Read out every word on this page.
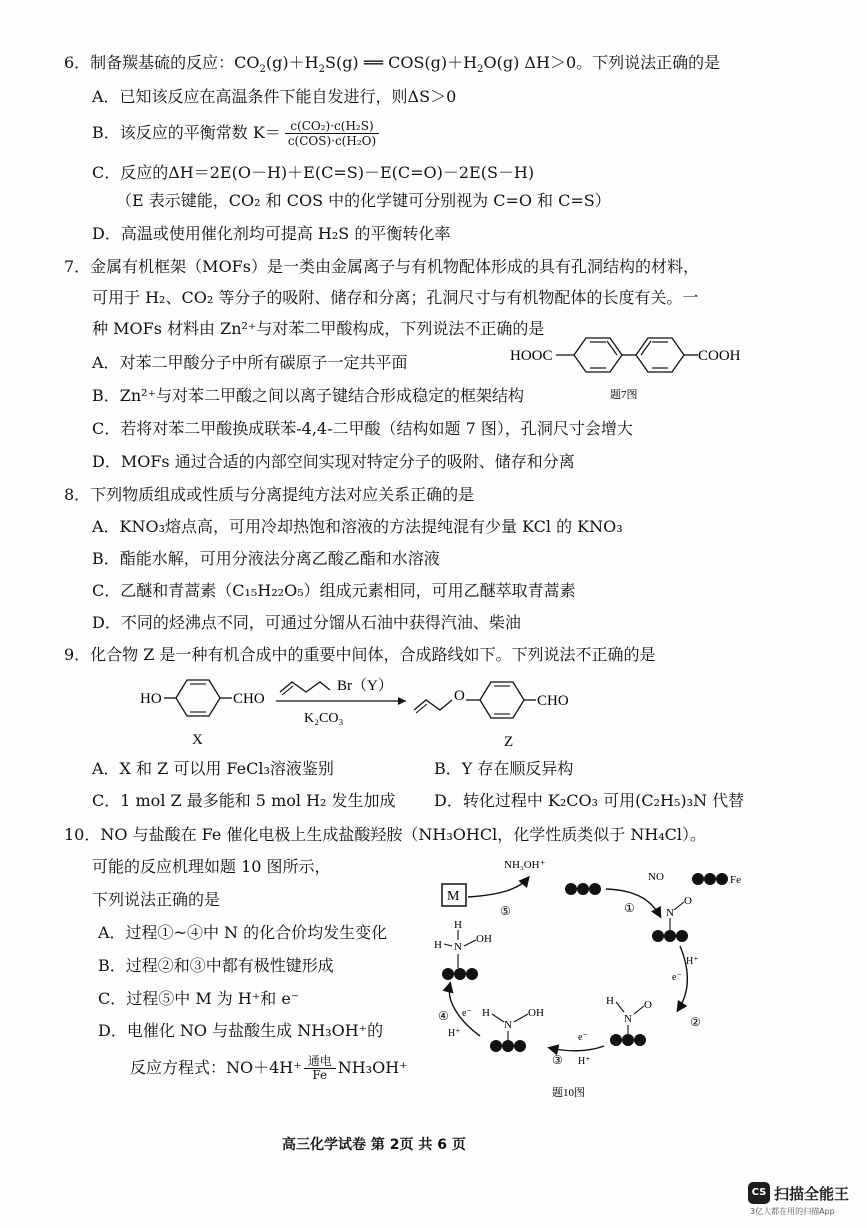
6．制备羰基硫的反应：$CO_2(g)+H_2S(g)$ ══ $COS(g)+H_2O(g)$ ΔH＞0。下列说法正确的是
A．已知该反应在高温条件下能自发进行，则ΔS＞0
B．该反应的平衡常数 $K= \frac{\text{c(CO₂)·c(H₂S)}}{\text{c(COS)·c(H₂O)}}$
C．反应的ΔH＝2E(O－H)＋E(C=S)－E(C=O)－2E(S－H)
（E 表示键能，CO₂ 和 COS 中的化学键可分别视为 C=O 和 C=S）
D．高温或使用催化剂均可提高 H₂S 的平衡转化率
7．金属有机框架（MOFs）是一类由金属离子与有机物配体形成的具有孔洞结构的材料，
可用于 H₂、CO₂ 等分子的吸附、储存和分离；孔洞尺寸与有机物配体的长度有关。一
种 MOFs 材料由 Zn²⁺与对苯二甲酸构成，下列说法不正确的是
A．对苯二甲酸分子中所有碳原子一定共平面
B．Zn²⁺与对苯二甲酸之间以离子键结合形成稳定的框架结构
C．若将对苯二甲酸换成联苯-4,4-二甲酸（结构如题 7 图），孔洞尺寸会增大
D．MOFs 通过合适的内部空间实现对特定分子的吸附、储存和分离
HOOC	COOH
题7图
8．下列物质组成或性质与分离提纯方法对应关系正确的是
A．KNO₃熔点高，可用冷却热饱和溶液的方法提纯混有少量 KCl 的 KNO₃
B．酯能水解，可用分液法分离乙酸乙酯和水溶液
C．乙醚和青蒿素（C₁₅H₂₂O₅）组成元素相同，可用乙醚萃取青蒿素
D．不同的烃沸点不同，可通过分馏从石油中获得汽油、柴油
9．化合物 Z 是一种有机合成中的重要中间体，合成路线如下。下列说法不正确的是
HO	CHO
X
Br（Y）
K₂CO₃
O	CHO
Z
A．X 和 Z 可以用 FeCl₃溶液鉴别	B．Y 存在顺反异构
C．1 mol Z 最多能和 5 mol H₂ 发生加成 D．转化过程中 K₂CO₃ 可用(C₂H₅)₃N 代替
10．NO 与盐酸在 Fe 催化电极上生成盐酸羟胺（NH₃OHCl，化学性质类似于 NH₄Cl）。
可能的反应机理如题 10 图所示，
下列说法正确的是
A．过程①~④中 N 的化合价均发生变化
B．过程②和③中都有极性键形成
C．过程⑤中 M 为 H⁺和 e⁻
D．电催化 NO 与盐酸生成 NH₃OH⁺的
反应方程式：NO＋4H⁺ 通电
Fe NH₃OH⁺
M
NH₃OH⁺
⑤
Fe
NO
①	N
O
e⁻
H⁺
②
H
N
O
e⁻
H⁺
③
H
N
OH
④ e⁻
H⁺
H
H N
OH
题10图
高三化学试卷 第 2页 共 6 页
CS 扫描全能王
3亿人都在用的扫描App
